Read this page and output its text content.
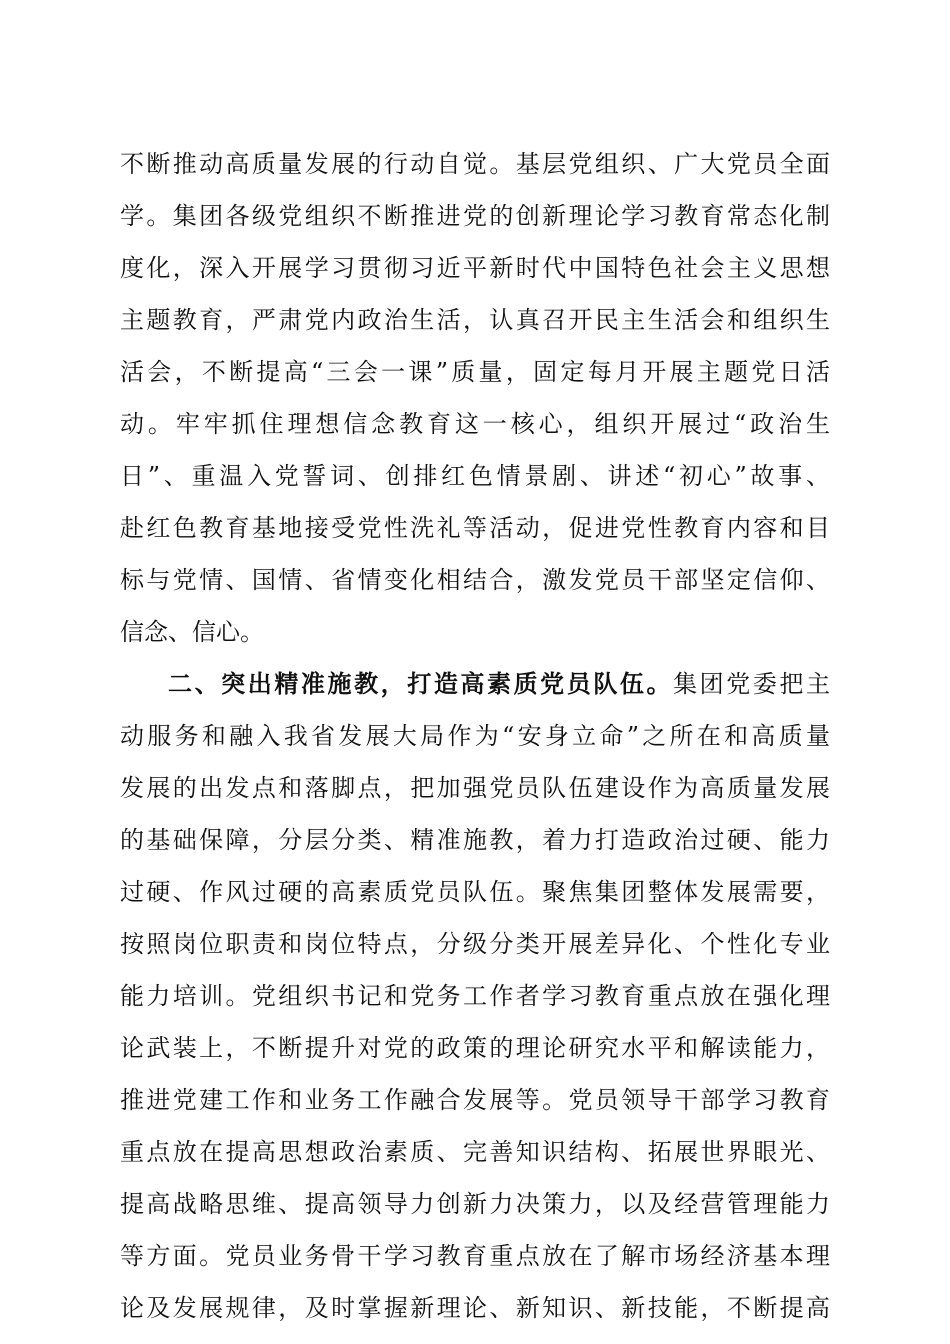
不断推动高质量发展的行动自觉。基层党组织、广大党员全面
学。集团各级党组织不断推进党的创新理论学习教育常态化制
度化，深入开展学习贯彻习近平新时代中国特色社会主义思想
主题教育，严肃党内政治生活，认真召开民主生活会和组织生
活会，不断提高“三会一课”质量，固定每月开展主题党日活
动。牢牢抓住理想信念教育这一核心，组织开展过“政治生
日”、重温入党誓词、创排红色情景剧、讲述“初心”故事、
赴红色教育基地接受党性洗礼等活动，促进党性教育内容和目
标与党情、国情、省情变化相结合，激发党员干部坚定信仰、
信念、信心。
二、突出精准施教，打造高素质党员队伍。集团党委把主
动服务和融入我省发展大局作为“安身立命”之所在和高质量
发展的出发点和落脚点，把加强党员队伍建设作为高质量发展
的基础保障，分层分类、精准施教，着力打造政治过硬、能力
过硬、作风过硬的高素质党员队伍。聚焦集团整体发展需要，
按照岗位职责和岗位特点，分级分类开展差异化、个性化专业
能力培训。党组织书记和党务工作者学习教育重点放在强化理
论武装上，不断提升对党的政策的理论研究水平和解读能力，
推进党建工作和业务工作融合发展等。党员领导干部学习教育
重点放在提高思想政治素质、完善知识结构、拓展世界眼光、
提高战略思维、提高领导力创新力决策力，以及经营管理能力
等方面。党员业务骨干学习教育重点放在了解市场经济基本理
论及发展规律，及时掌握新理论、新知识、新技能，不断提高
